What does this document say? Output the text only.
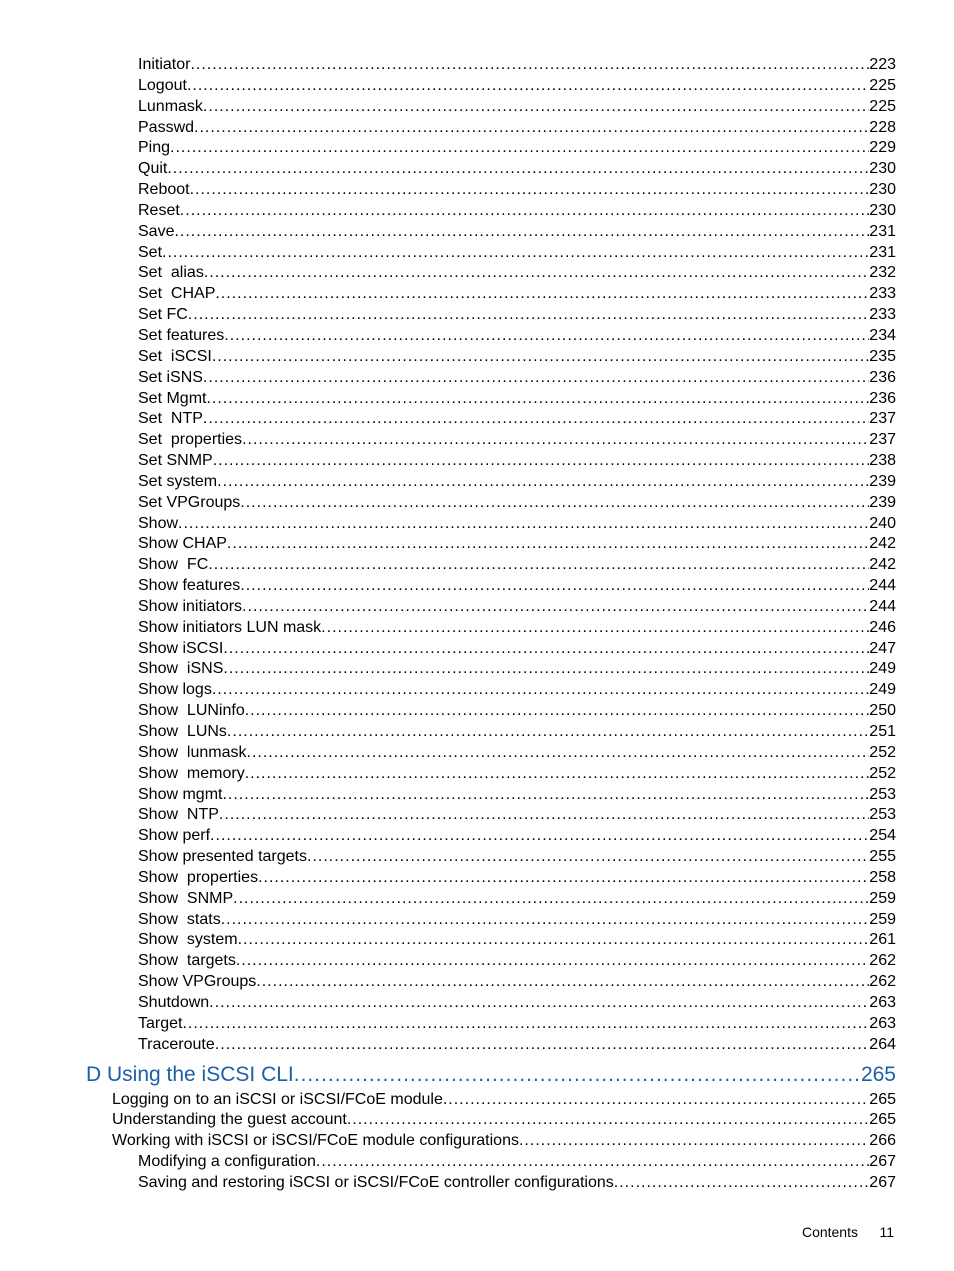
Initiator .....	223
Logout .....	225
Lunmask .....	225
Passwd .....	228
Ping .....	229
Quit .....	230
Reboot .....	230
Reset .....	230
Save .....	231
Set .....	231
Set  alias .....	232
Set  CHAP .....	233
Set FC .....	233
Set features .....	234
Set  iSCSI .....	235
Set iSNS .....	236
Set Mgmt .....	236
Set  NTP .....	237
Set  properties .....	237
Set SNMP .....	238
Set system .....	239
Set VPGroups .....	239
Show .....	240
Show CHAP .....	242
Show  FC .....	242
Show features .....	244
Show initiators .....	244
Show initiators LUN mask .....	246
Show iSCSI .....	247
Show  iSNS .....	249
Show logs .....	249
Show  LUNinfo .....	250
Show  LUNs .....	251
Show  lunmask .....	252
Show  memory .....	252
Show mgmt .....	253
Show  NTP .....	253
Show perf .....	254
Show presented targets .....	255
Show  properties .....	258
Show  SNMP .....	259
Show  stats .....	259
Show  system .....	261
Show  targets .....	262
Show VPGroups .....	262
Shutdown .....	263
Target .....	263
Traceroute .....	264
D Using the iSCSI CLI .....	265
Logging on to an iSCSI or iSCSI/FCoE module .....	265
Understanding the guest account .....	265
Working with iSCSI or iSCSI/FCoE module configurations .....	266
Modifying a configuration .....	267
Saving and restoring iSCSI or iSCSI/FCoE controller configurations .....	267
Contents 11
